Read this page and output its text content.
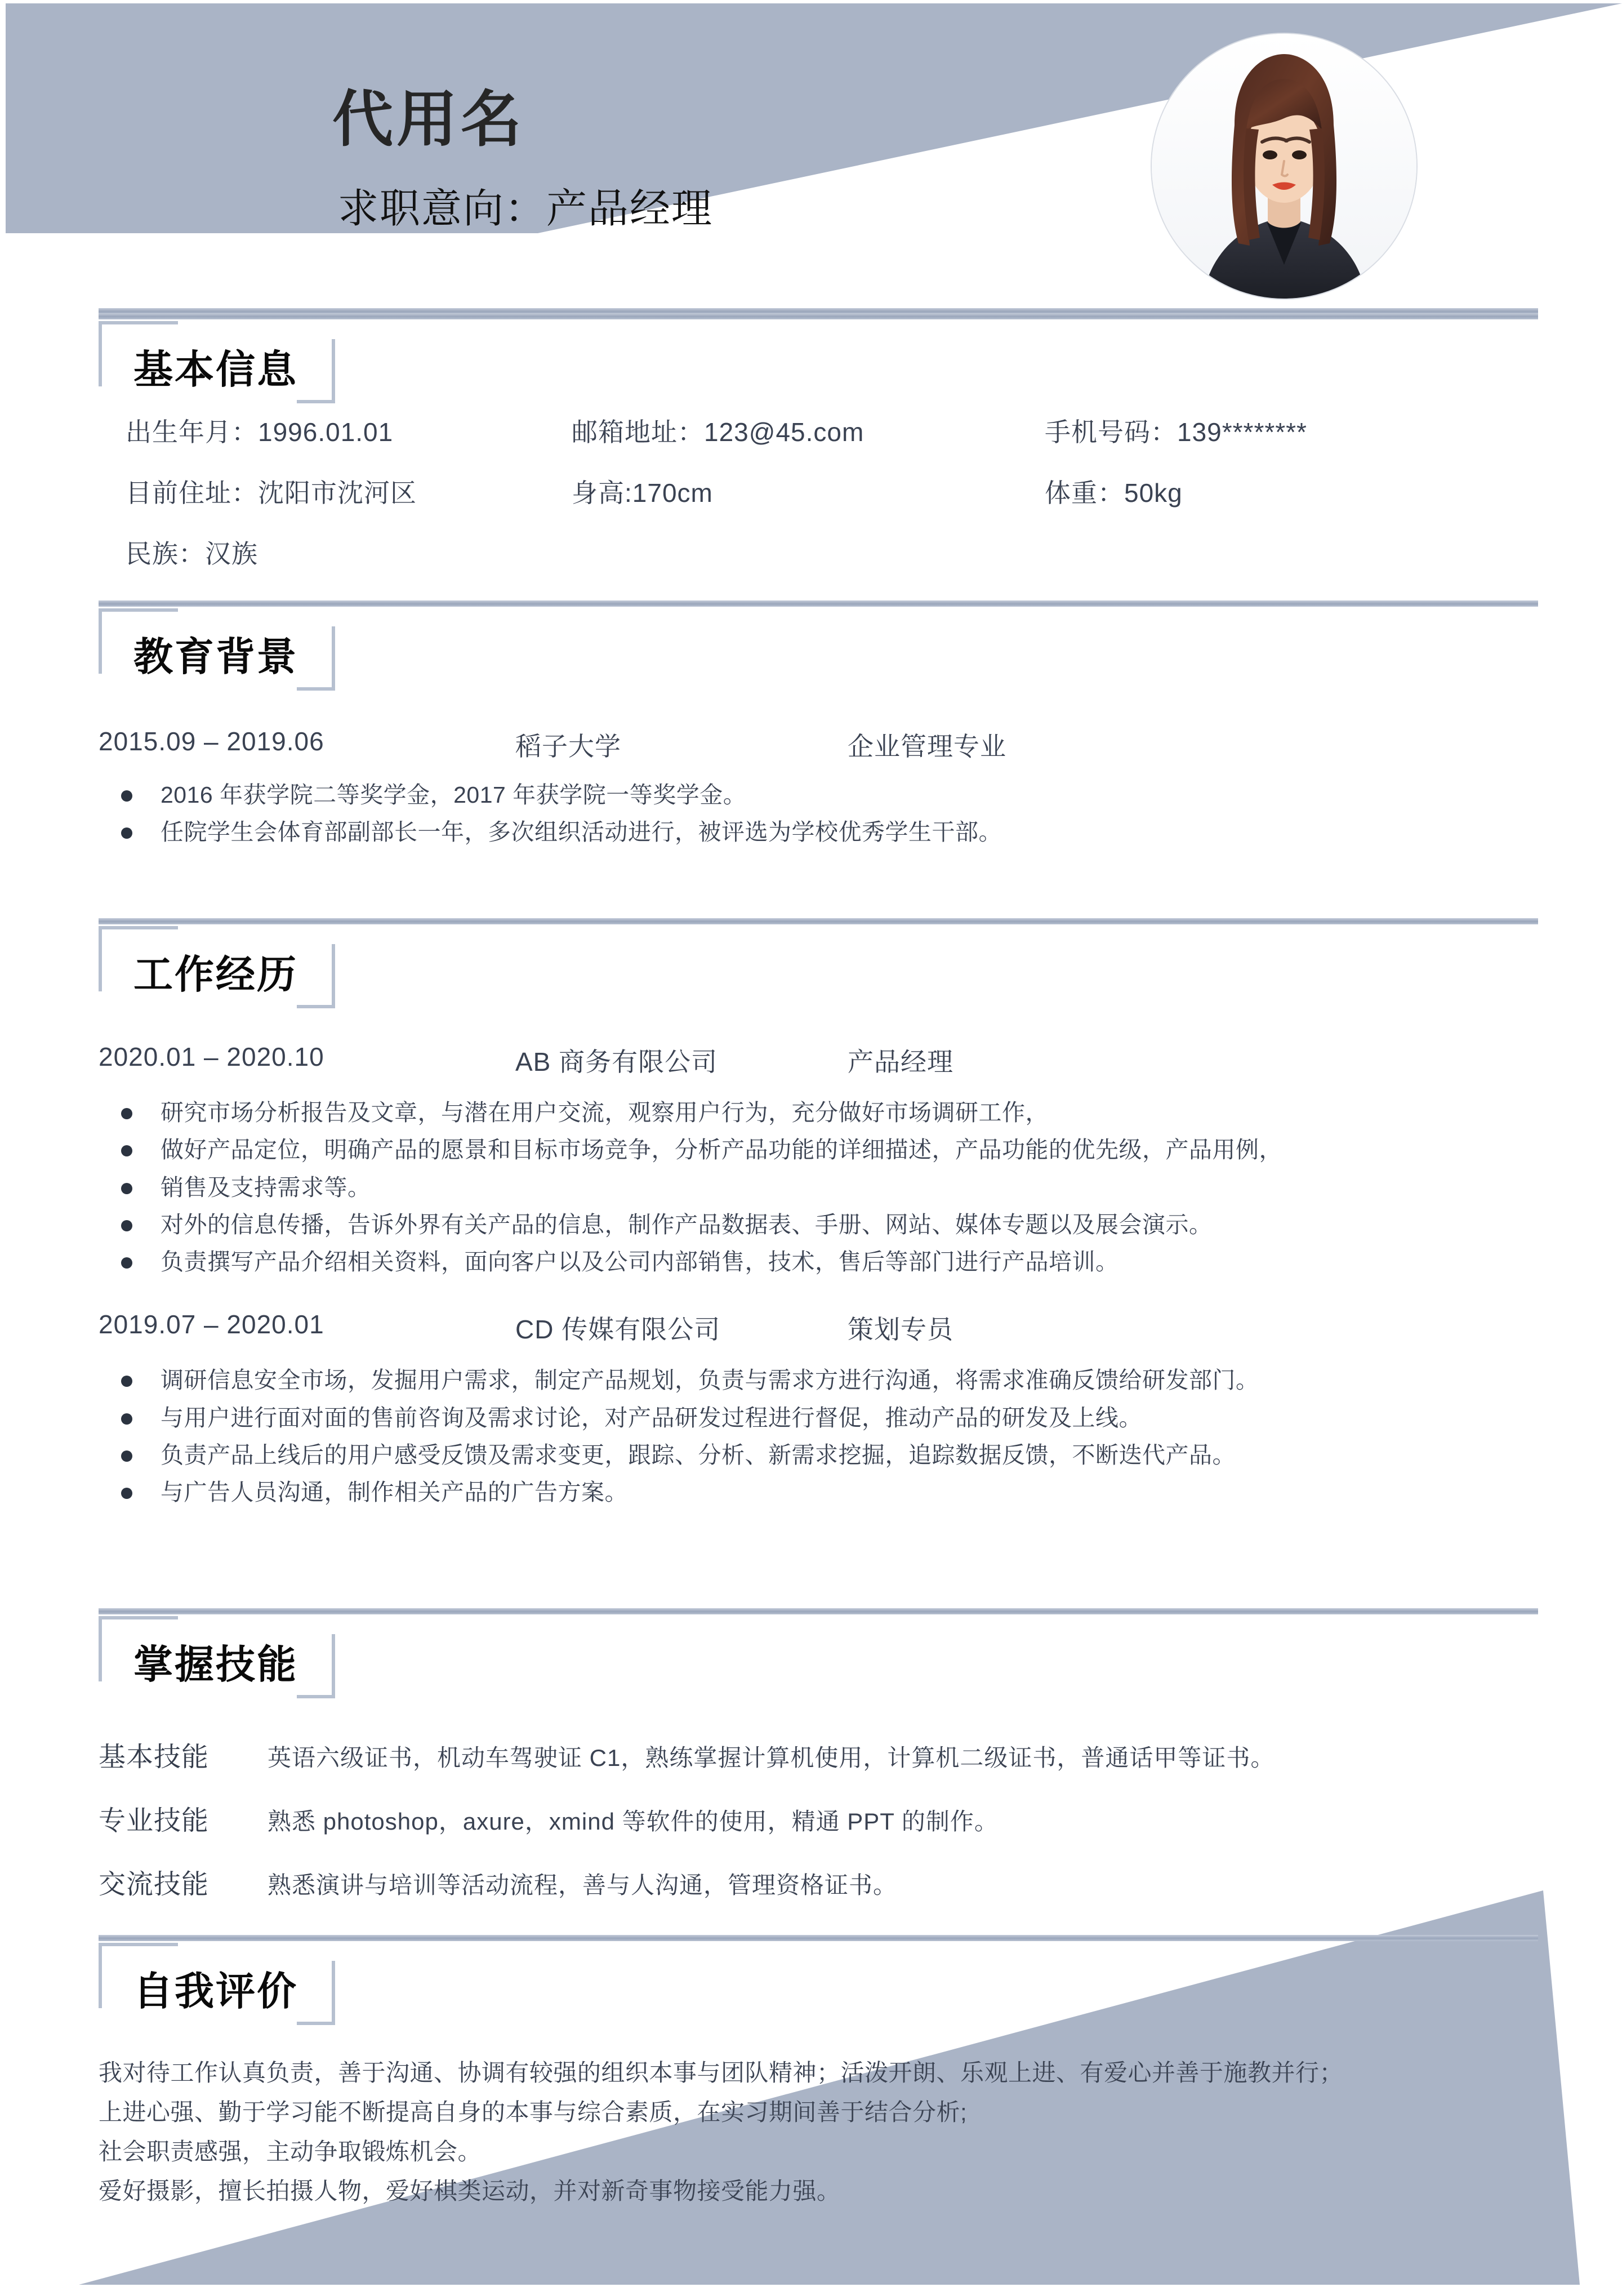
代用名
求职意向：产品经理
基本信息
出生年月：1996.01.01	邮箱地址：123@45.com	手机号码：139********
目前住址：沈阳市沈河区	身高:170cm	体重：50kg
民族：汉族
教育背景
2015.09 – 2019.06	稻子大学	企业管理专业
2016 年获学院二等奖学金，2017 年获学院一等奖学金。
任院学生会体育部副部长一年，多次组织活动进行，被评选为学校优秀学生干部。
工作经历
2020.01 – 2020.10	AB 商务有限公司	产品经理
研究市场分析报告及文章，与潜在用户交流，观察用户行为，充分做好市场调研工作，
做好产品定位，明确产品的愿景和目标市场竞争，分析产品功能的详细描述，产品功能的优先级，产品用例，
销售及支持需求等。
对外的信息传播，告诉外界有关产品的信息，制作产品数据表、手册、网站、媒体专题以及展会演示。
负责撰写产品介绍相关资料，面向客户以及公司内部销售，技术，售后等部门进行产品培训。
2019.07 – 2020.01	CD 传媒有限公司	策划专员
调研信息安全市场，发掘用户需求，制定产品规划，负责与需求方进行沟通，将需求准确反馈给研发部门。
与用户进行面对面的售前咨询及需求讨论，对产品研发过程进行督促，推动产品的研发及上线。
负责产品上线后的用户感受反馈及需求变更，跟踪、分析、新需求挖掘，追踪数据反馈，不断迭代产品。
与广告人员沟通，制作相关产品的广告方案。
掌握技能
基本技能	英语六级证书，机动车驾驶证 C1，熟练掌握计算机使用，计算机二级证书，普通话甲等证书。
专业技能	熟悉 photoshop，axure，xmind 等软件的使用，精通 PPT 的制作。
交流技能	熟悉演讲与培训等活动流程，善与人沟通，管理资格证书。
自我评价
我对待工作认真负责，善于沟通、协调有较强的组织本事与团队精神；活泼开朗、乐观上进、有爱心并善于施教并行；
上进心强、勤于学习能不断提高自身的本事与综合素质，在实习期间善于结合分析;
社会职责感强，主动争取锻炼机会。
爱好摄影，擅长拍摄人物，爱好棋类运动，并对新奇事物接受能力强。
